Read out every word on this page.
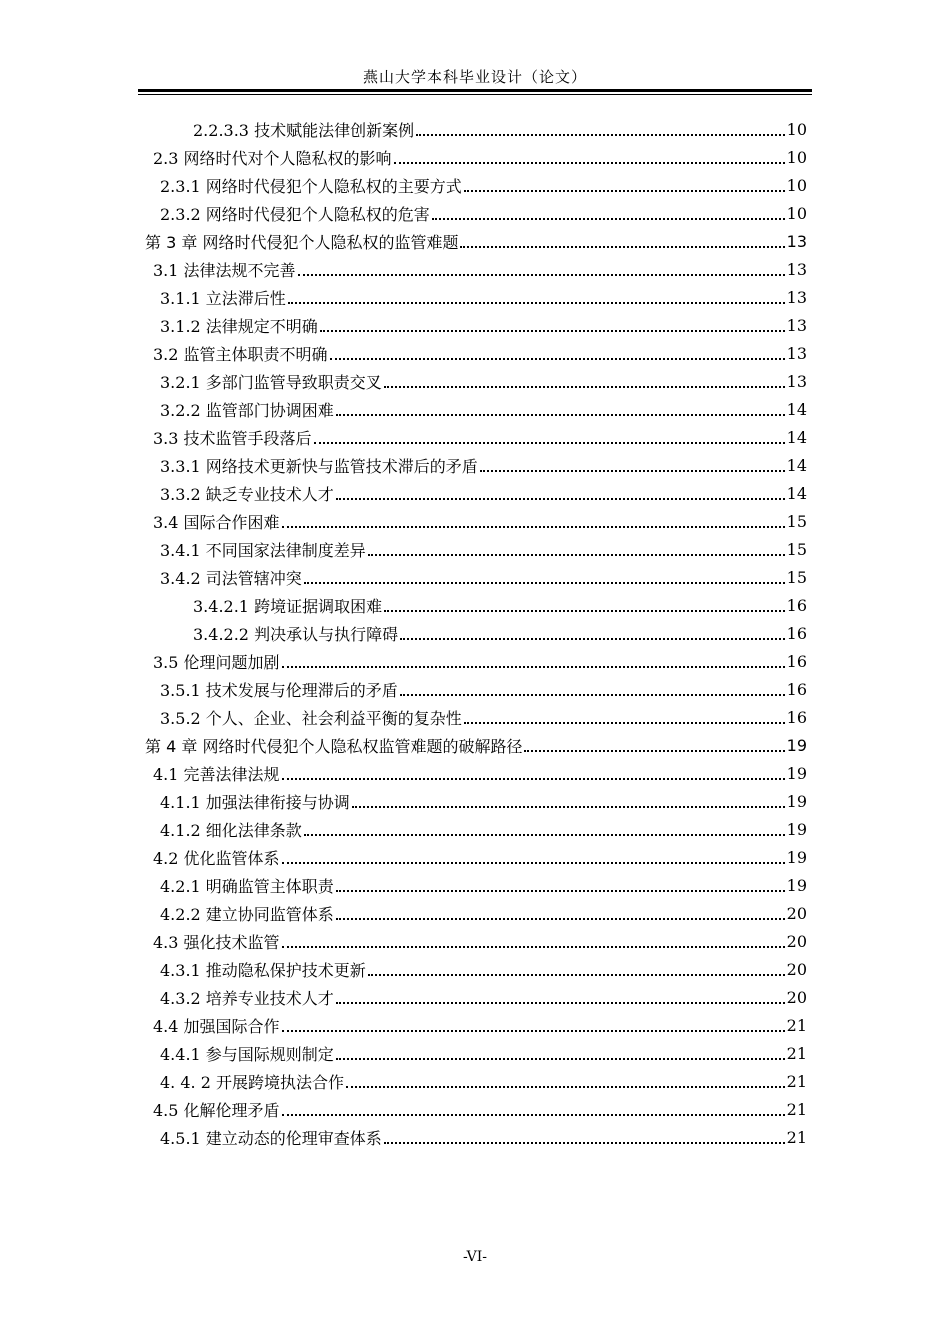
燕山大学本科毕业设计（论文）
2.2.3.3 技术赋能法律创新案例	10
2.3 网络时代对个人隐私权的影响	10
2.3.1 网络时代侵犯个人隐私权的主要方式	10
2.3.2 网络时代侵犯个人隐私权的危害	10
第 3 章 网络时代侵犯个人隐私权的监管难题	13
3.1 法律法规不完善	13
3.1.1 立法滞后性	13
3.1.2 法律规定不明确	13
3.2 监管主体职责不明确	13
3.2.1 多部门监管导致职责交叉	13
3.2.2 监管部门协调困难	14
3.3 技术监管手段落后	14
3.3.1 网络技术更新快与监管技术滞后的矛盾	14
3.3.2 缺乏专业技术人才	14
3.4 国际合作困难	15
3.4.1 不同国家法律制度差异	15
3.4.2 司法管辖冲突	15
3.4.2.1 跨境证据调取困难	16
3.4.2.2 判决承认与执行障碍	16
3.5 伦理问题加剧	16
3.5.1 技术发展与伦理滞后的矛盾	16
3.5.2 个人、企业、社会利益平衡的复杂性	16
第 4 章 网络时代侵犯个人隐私权监管难题的破解路径	19
4.1 完善法律法规	19
4.1.1 加强法律衔接与协调	19
4.1.2 细化法律条款	19
4.2 优化监管体系	19
4.2.1 明确监管主体职责	19
4.2.2 建立协同监管体系	20
4.3 强化技术监管	20
4.3.1 推动隐私保护技术更新	20
4.3.2 培养专业技术人才	20
4.4 加强国际合作	21
4.4.1 参与国际规则制定	21
4. 4. 2 开展跨境执法合作	21
4.5 化解伦理矛盾	21
4.5.1 建立动态的伦理审查体系	21
-VI-
